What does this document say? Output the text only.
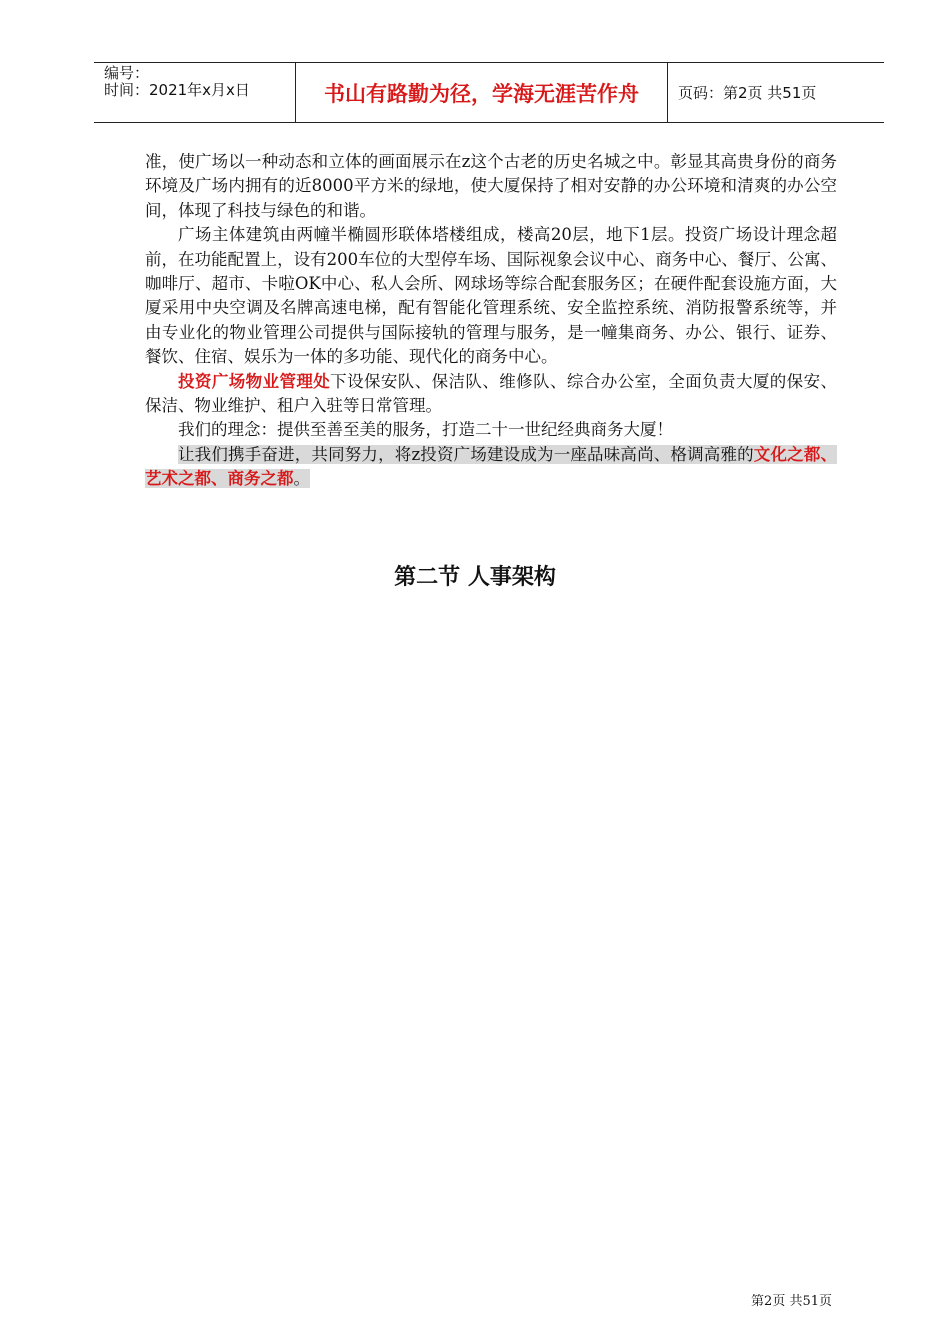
编号：
时间：2021年x月x日	书山有路勤为径，学海无涯苦作舟	页码：第2页 共51页

准，使广场以一种动态和立体的画面展示在z这个古老的历史名城之中。彰显其高贵身份的商务环境及广场内拥有的近8000平方米的绿地，使大厦保持了相对安静的办公环境和清爽的办公空间，体现了科技与绿色的和谐。

广场主体建筑由两幢半椭圆形联体塔楼组成，楼高20层，地下1层。投资广场设计理念超前，在功能配置上，设有200车位的大型停车场、国际视象会议中心、商务中心、餐厅、公寓、咖啡厅、超市、卡啦OK中心、私人会所、网球场等综合配套服务区；在硬件配套设施方面，大厦采用中央空调及名牌高速电梯，配有智能化管理系统、安全监控系统、消防报警系统等，并由专业化的物业管理公司提供与国际接轨的管理与服务，是一幢集商务、办公、银行、证券、餐饮、住宿、娱乐为一体的多功能、现代化的商务中心。

投资广场物业管理处下设保安队、保洁队、维修队、综合办公室，全面负责大厦的保安、保洁、物业维护、租户入驻等日常管理。

我们的理念：提供至善至美的服务，打造二十一世纪经典商务大厦！

让我们携手奋进，共同努力，将z投资广场建设成为一座品味高尚、格调高雅的文化之都、艺术之都、商务之都。

第二节 人事架构
第2页 共51页
